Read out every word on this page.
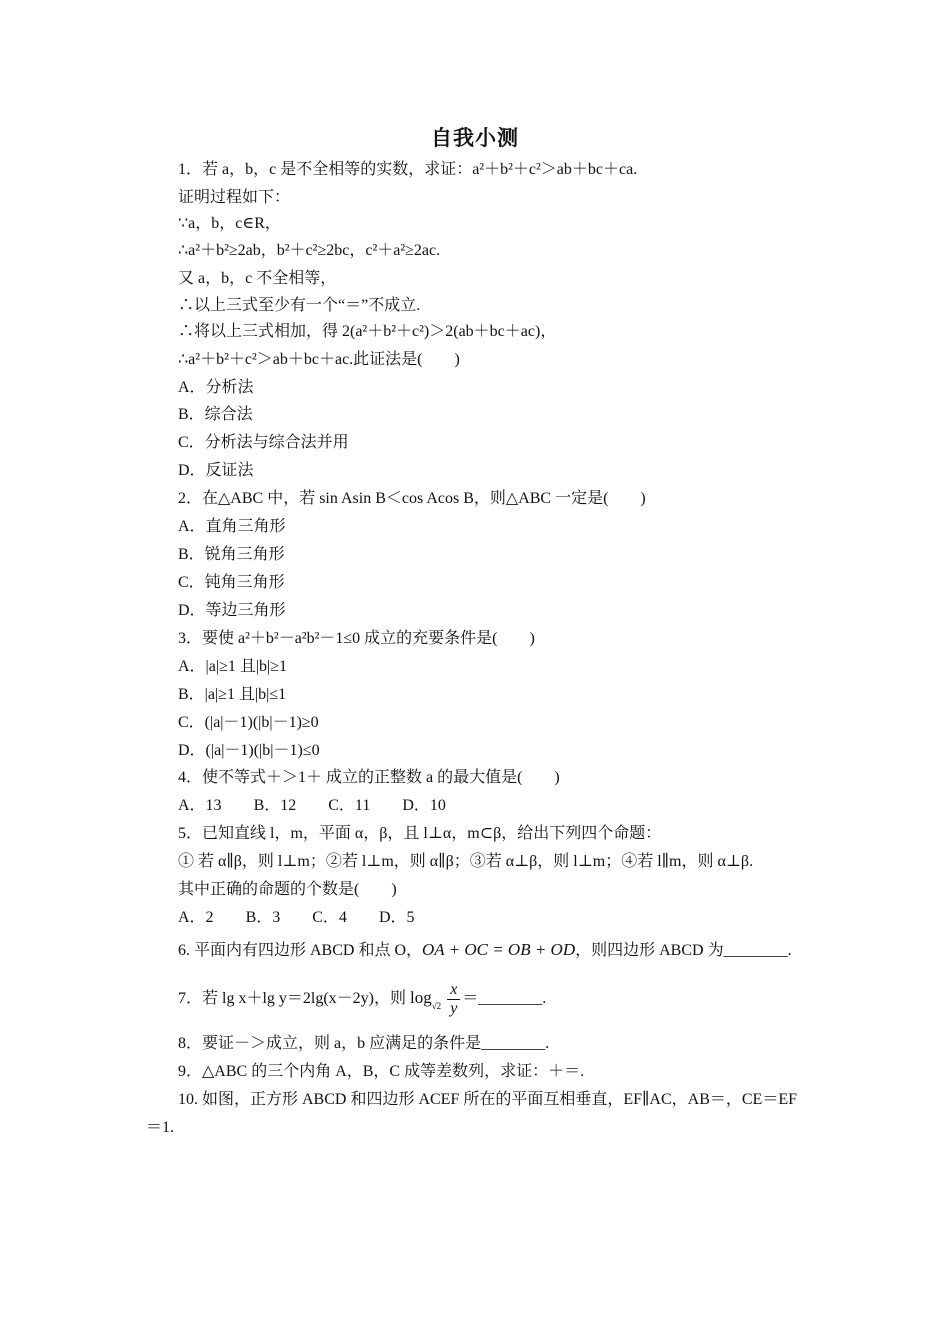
自我小测
1．若 a，b，c 是不全相等的实数，求证：a²＋b²＋c²＞ab＋bc＋ca.
证明过程如下：
∵a，b，c∈R，
∴a²＋b²≥2ab，b²＋c²≥2bc，c²＋a²≥2ac.
又 a，b，c 不全相等，
∴以上三式至少有一个“＝”不成立.
∴将以上三式相加，得 2(a²＋b²＋c²)＞2(ab＋bc＋ac)，
∴a²＋b²＋c²＞ab＋bc＋ac.此证法是(　　)
A．分析法
B．综合法
C．分析法与综合法并用
D．反证法
2．在△ABC 中，若 sin Asin B＜cos Acos B，则△ABC 一定是(　　)
A．直角三角形
B．锐角三角形
C．钝角三角形
D．等边三角形
3．要使 a²＋b²－a²b²－1≤0 成立的充要条件是(　　)
A．|a|≥1 且|b|≥1
B．|a|≥1 且|b|≤1
C．(|a|－1)(|b|－1)≥0
D．(|a|－1)(|b|－1)≤0
4．使不等式＋＞1＋ 成立的正整数 a 的最大值是(　　)
A．13 B．12 C．11 D．10
5．已知直线 l，m，平面 α，β，且 l⊥α，m⊂β，给出下列四个命题：
① 若 α∥β，则 l⊥m；②若 l⊥m，则 α∥β；③若 α⊥β，则 l⊥m；④若 l∥m，则 α⊥β.
其中正确的命题的个数是(　　)
A．2 B．3 C．4 D．5
6. 平面内有四边形 ABCD 和点 O，OA + OC = OB + OD，则四边形 ABCD 为________.
7．若 lg x＋lg y＝2lg(x－2y)，则 $\log_{√2} \frac{x}{y}$ ＝________.
8．要证－＞成立，则 a，b 应满足的条件是________.
9．△ABC 的三个内角 A，B，C 成等差数列，求证：＋＝.
10. 如图，正方形 ABCD 和四边形 ACEF 所在的平面互相垂直，EF∥AC，AB＝，CE＝EF
＝1.
